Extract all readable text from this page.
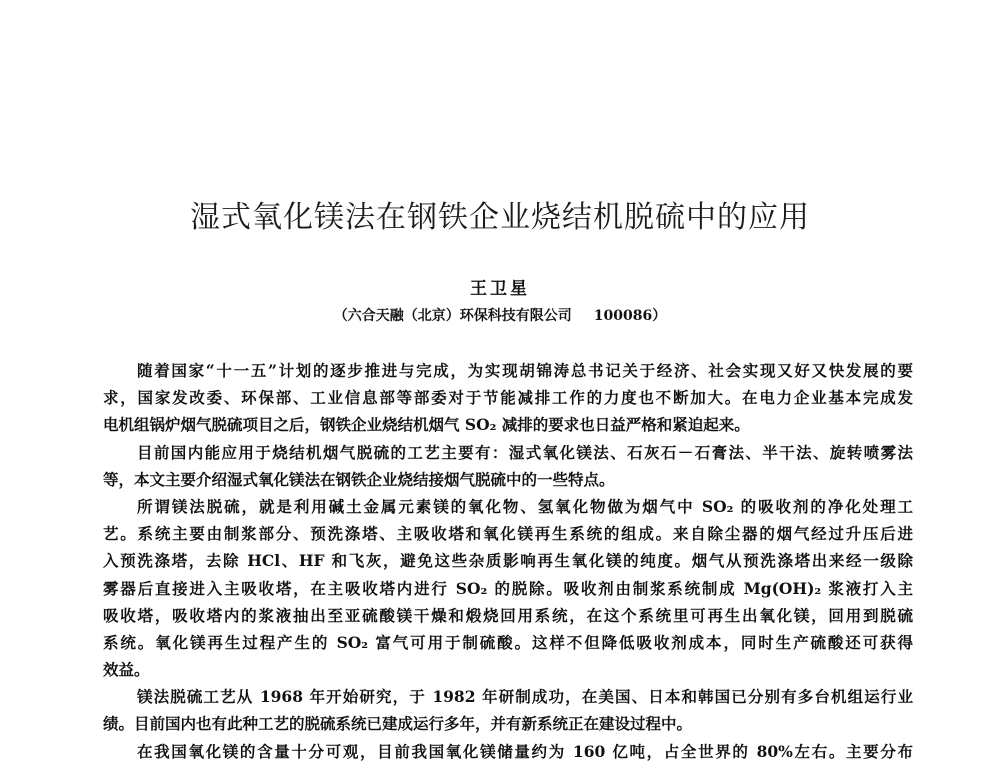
湿式氧化镁法在钢铁企业烧结机脱硫中的应用
王卫星
（六合天融（北京）环保科技有限公司 100086）
随着国家“十一五”计划的逐步推进与完成，为实现胡锦涛总书记关于经济、社会实现又好又快发展的要
求，国家发改委、环保部、工业信息部等部委对于节能减排工作的力度也不断加大。在电力企业基本完成发
电机组锅炉烟气脱硫项目之后，钢铁企业烧结机烟气 SO₂ 减排的要求也日益严格和紧迫起来。
目前国内能应用于烧结机烟气脱硫的工艺主要有：湿式氧化镁法、石灰石－石膏法、半干法、旋转喷雾法
等，本文主要介绍湿式氧化镁法在钢铁企业烧结接烟气脱硫中的一些特点。
所谓镁法脱硫，就是利用碱土金属元素镁的氧化物、氢氧化物做为烟气中 SO₂ 的吸收剂的净化处理工
艺。系统主要由制浆部分、预洗涤塔、主吸收塔和氧化镁再生系统的组成。来自除尘器的烟气经过升压后进
入预洗涤塔，去除 HCl、HF 和飞灰，避免这些杂质影响再生氧化镁的纯度。烟气从预洗涤塔出来经一级除
雾器后直接进入主吸收塔，在主吸收塔内进行 SO₂ 的脱除。吸收剂由制浆系统制成 Mg(OH)₂ 浆液打入主
吸收塔，吸收塔内的浆液抽出至亚硫酸镁干燥和煅烧回用系统，在这个系统里可再生出氧化镁，回用到脱硫
系统。氧化镁再生过程产生的 SO₂ 富气可用于制硫酸。这样不但降低吸收剂成本，同时生产硫酸还可获得
效益。
镁法脱硫工艺从 1968 年开始研究，于 1982 年研制成功，在美国、日本和韩国已分别有多台机组运行业
绩。目前国内也有此种工艺的脱硫系统已建成运行多年，并有新系统正在建设过程中。
在我国氧化镁的含量十分可观，目前我国氧化镁储量约为 160 亿吨，占全世界的 80%左右。主要分布
